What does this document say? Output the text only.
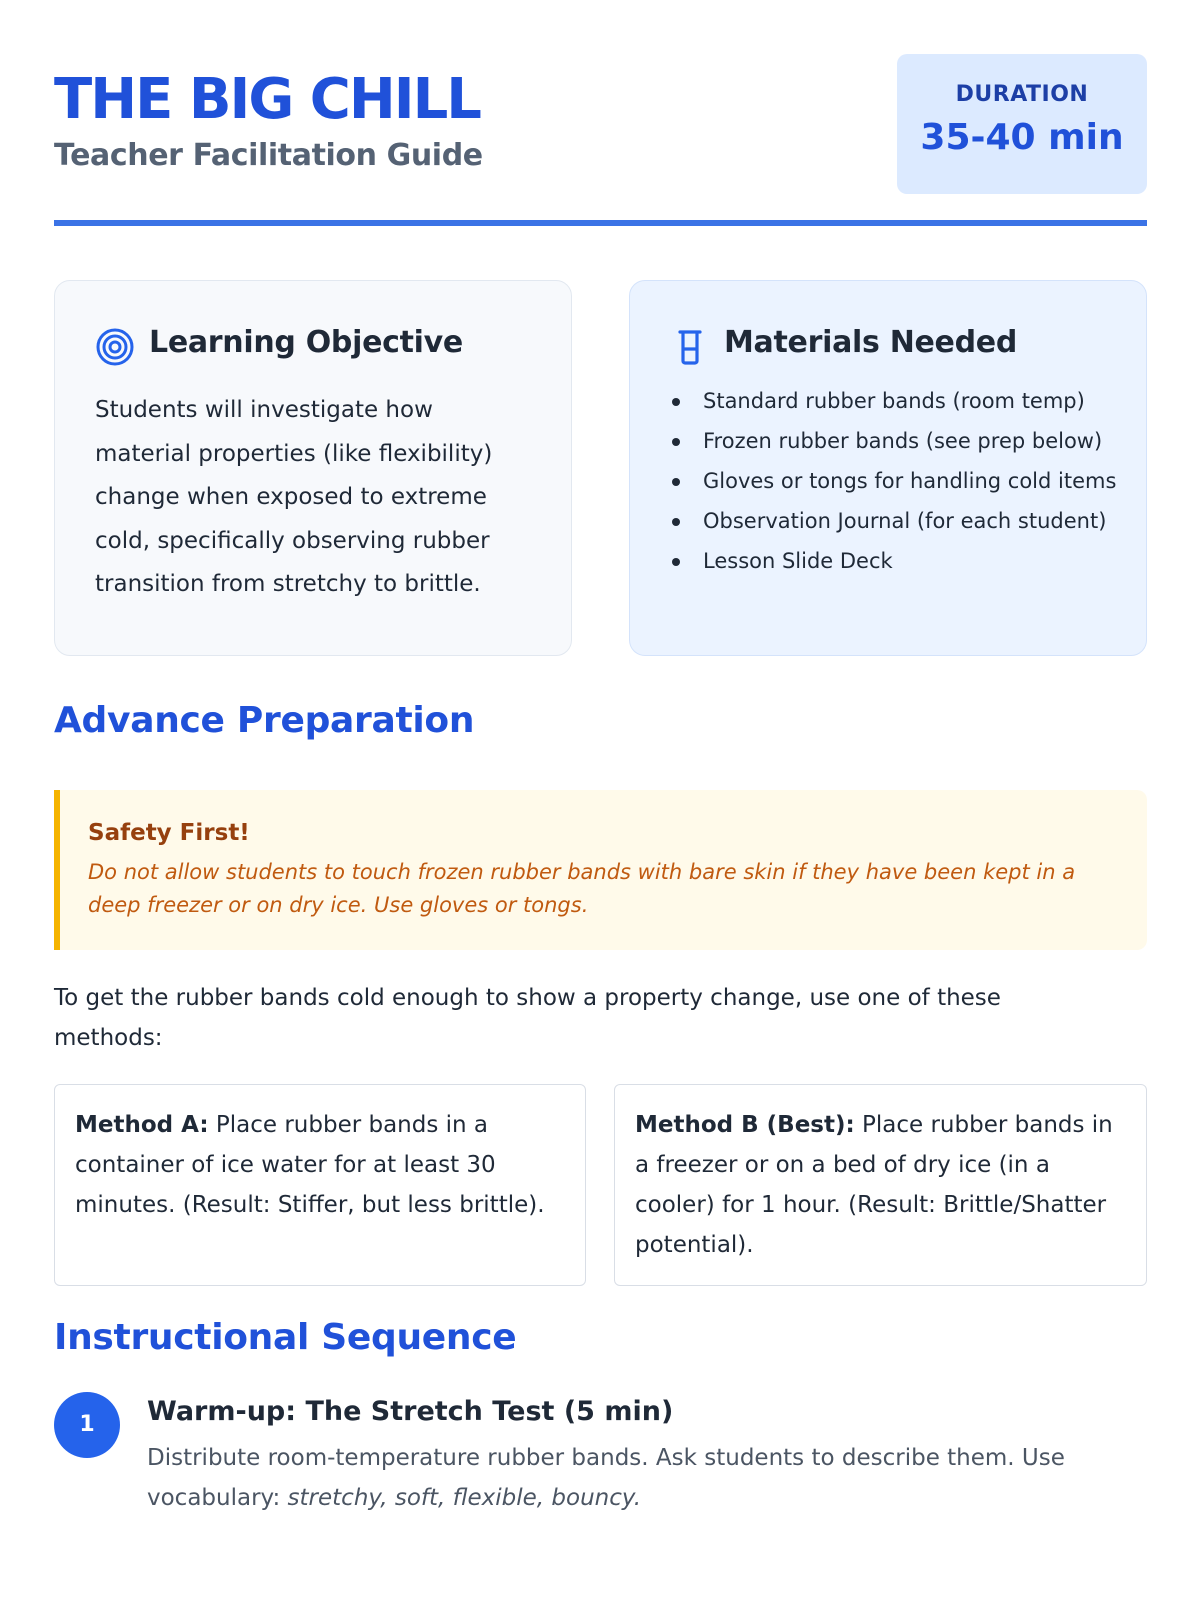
THE BIG CHILL
Teacher Facilitation Guide
DURATION
35-40 min
Learning Objective
Students will investigate how material properties (like flexibility) change when exposed to extreme cold, specifically observing rubber transition from stretchy to brittle.
Materials Needed
Standard rubber bands (room temp)
Frozen rubber bands (see prep below)
Gloves or tongs for handling cold items
Observation Journal (for each student)
Lesson Slide Deck
Advance Preparation
Safety First!
Do not allow students to touch frozen rubber bands with bare skin if they have been kept in a deep freezer or on dry ice. Use gloves or tongs.
To get the rubber bands cold enough to show a property change, use one of these methods:
Method A: Place rubber bands in a container of ice water for at least 30 minutes. (Result: Stiffer, but less brittle).
Method B (Best): Place rubber bands in a freezer or on a bed of dry ice (in a cooler) for 1 hour. (Result: Brittle/Shatter potential).
Instructional Sequence
1	Warm-up: The Stretch Test (5 min)
Distribute room-temperature rubber bands. Ask students to describe them. Use vocabulary: stretchy, soft, flexible, bouncy.
